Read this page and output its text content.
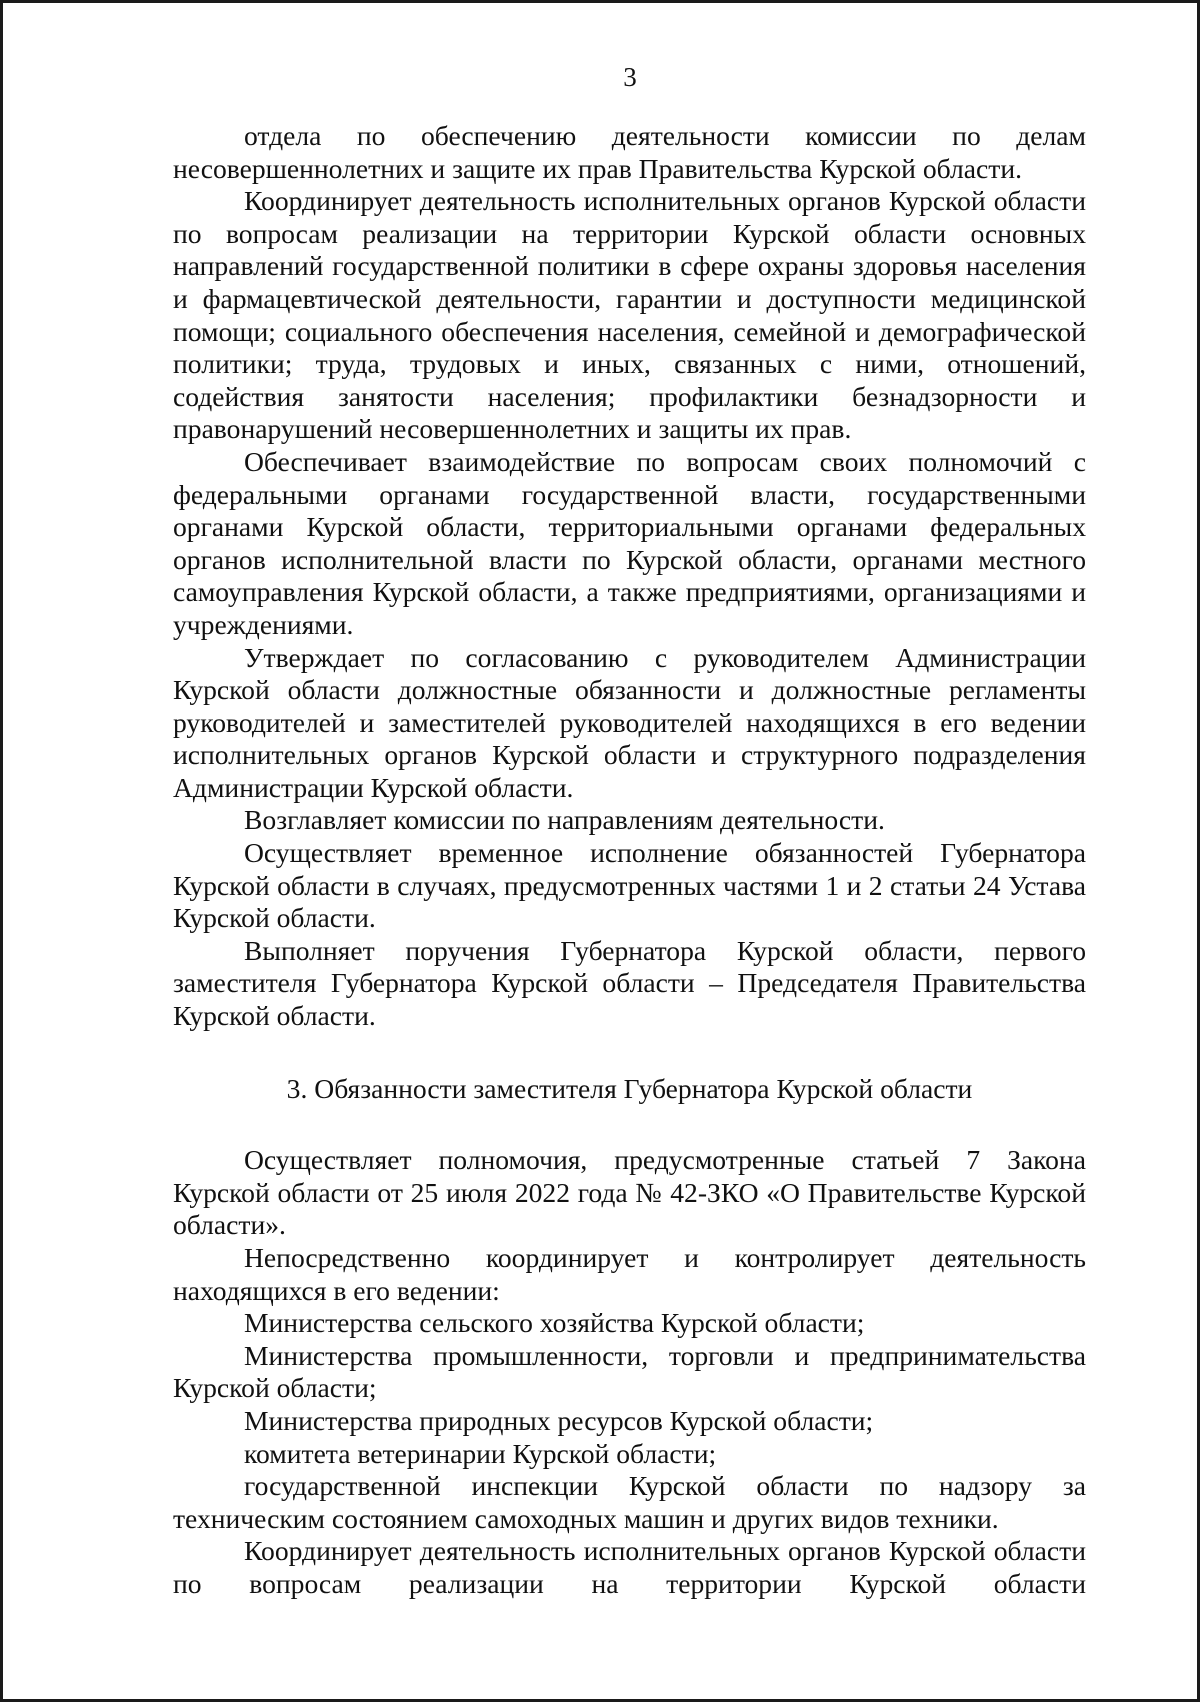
3

отдела по обеспечению деятельности комиссии по делам несовершеннолетних и защите их прав Правительства Курской области.

Координирует деятельность исполнительных органов Курской области по вопросам реализации на территории Курской области основных направлений государственной политики в сфере охраны здоровья населения и фармацевтической деятельности, гарантии и доступности медицинской помощи; социального обеспечения населения, семейной и демографической политики; труда, трудовых и иных, связанных с ними, отношений, содействия занятости населения; профилактики безнадзорности и правонарушений несовершеннолетних и защиты их прав.

Обеспечивает взаимодействие по вопросам своих полномочий с федеральными органами государственной власти, государственными органами Курской области, территориальными органами федеральных органов исполнительной власти по Курской области, органами местного самоуправления Курской области, а также предприятиями, организациями и учреждениями.

Утверждает по согласованию с руководителем Администрации Курской области должностные обязанности и должностные регламенты руководителей и заместителей руководителей находящихся в его ведении исполнительных органов Курской области и структурного подразделения Администрации Курской области.

Возглавляет комиссии по направлениям деятельности.

Осуществляет временное исполнение обязанностей Губернатора Курской области в случаях, предусмотренных частями 1 и 2 статьи 24 Устава Курской области.

Выполняет поручения Губернатора Курской области, первого заместителя Губернатора Курской области – Председателя Правительства Курской области.

3. Обязанности заместителя Губернатора Курской области

Осуществляет полномочия, предусмотренные статьей 7 Закона Курской области от 25 июля 2022 года № 42-ЗКО «О Правительстве Курской области».

Непосредственно координирует и контролирует деятельность находящихся в его ведении:

Министерства сельского хозяйства Курской области;

Министерства промышленности, торговли и предпринимательства Курской области;

Министерства природных ресурсов Курской области;

комитета ветеринарии Курской области;

государственной инспекции Курской области по надзору за техническим состоянием самоходных машин и других видов техники.

Координирует деятельность исполнительных органов Курской области по вопросам реализации на территории Курской области
